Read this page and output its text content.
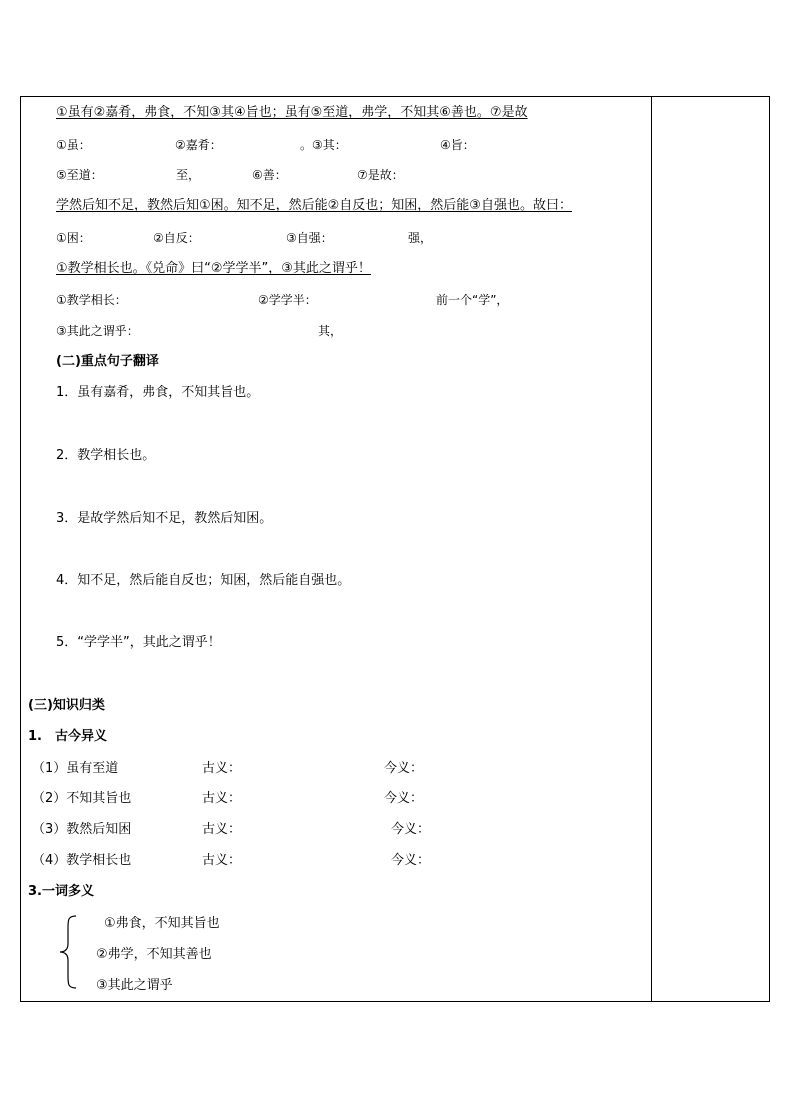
①虽有②嘉肴，弗食，不知③其④旨也；虽有⑤至道，弗学，不知其⑥善也。⑦是故
①虽：	②嘉肴：	。③其：	④旨：
⑤至道：	至，	⑥善：	⑦是故：
学然后知不足，教然后知①困。知不足，然后能②自反也；知困，然后能③自强也。故曰：
①困：	②自反：	③自强：	强，
①教学相长也。《兑命》曰“②学学半”，③其此之谓乎！
①教学相长：	②学学半：	前一个“学”，
③其此之谓乎：	其，
(二)重点句子翻译
1．虽有嘉肴，弗食，不知其旨也。
2．教学相长也。
3．是故学然后知不足，教然后知困。
4．知不足，然后能自反也；知困，然后能自强也。
5．“学学半”，其此之谓乎！
(三)知识归类
1.　古今异义
（1）虽有至道	古义：	今义：
（2）不知其旨也	古义：	今义：
（3）教然后知困	古义：	今义：
（4）教学相长也	古义：	今义：
3.一词多义
①弗食，不知其旨也
②弗学，不知其善也
③其此之谓乎
